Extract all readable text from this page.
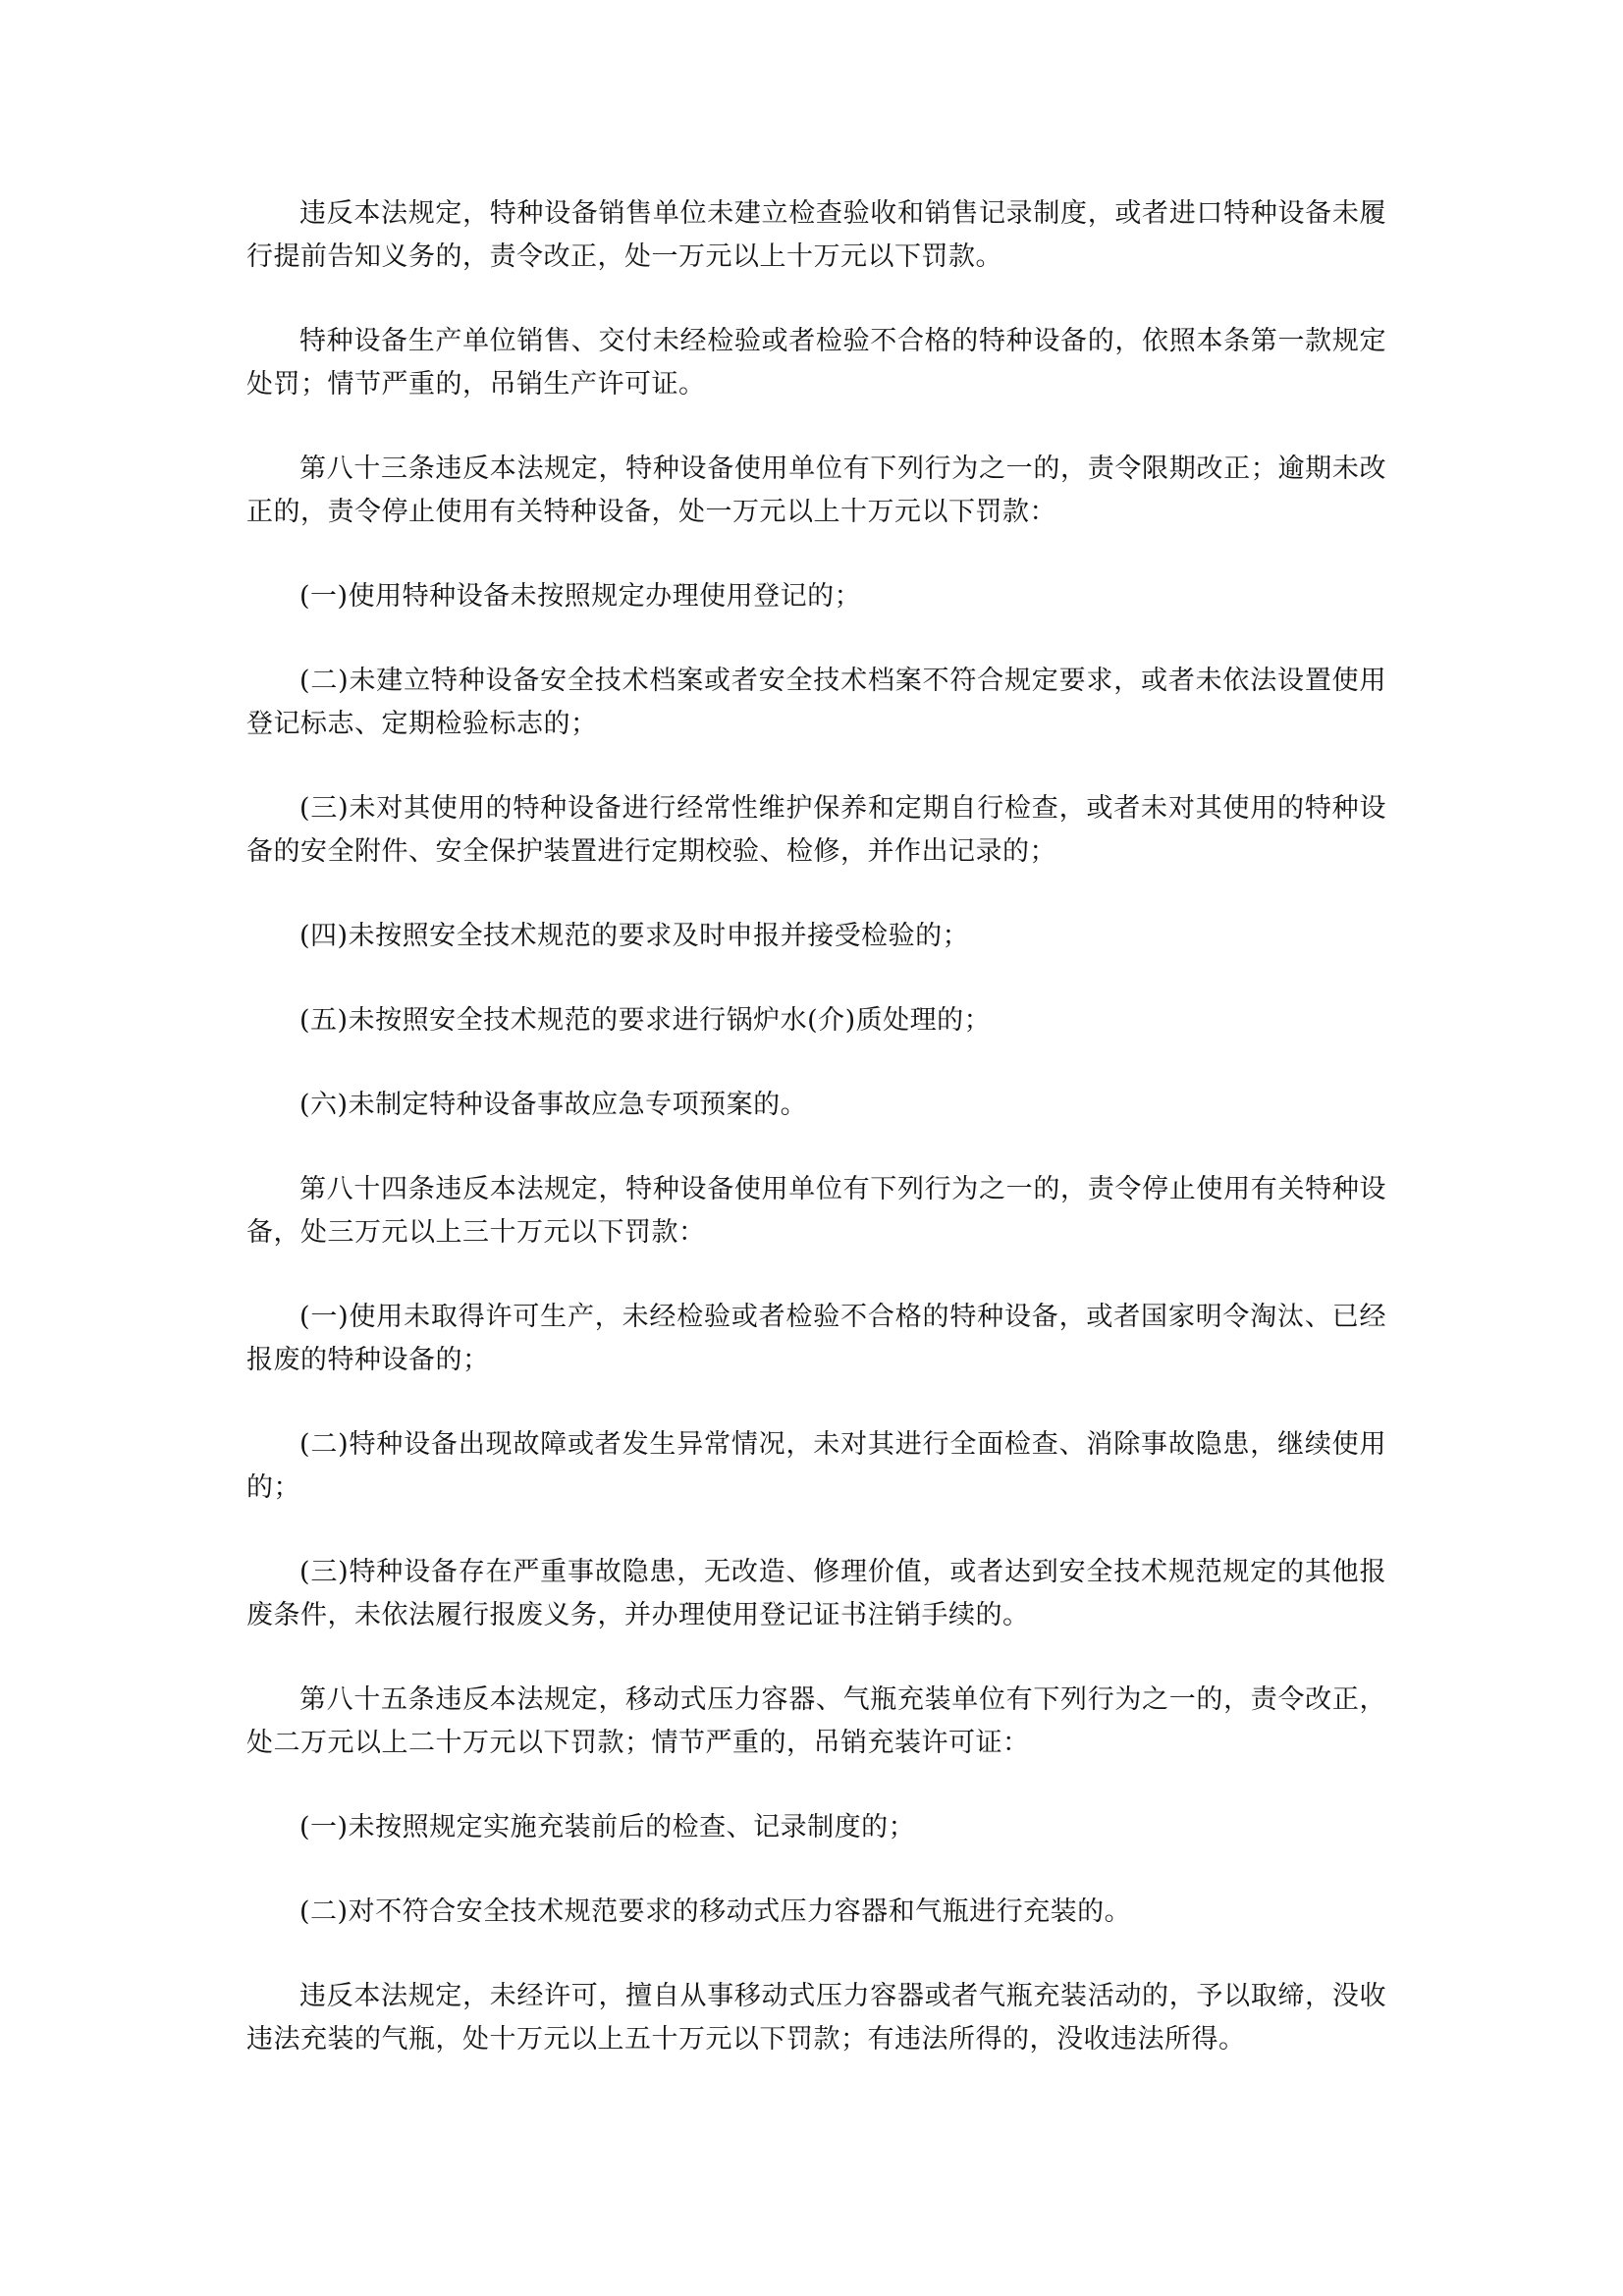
违反本法规定，特种设备销售单位未建立检查验收和销售记录制度，或者进口特种设备未履行提前告知义务的，责令改正，处一万元以上十万元以下罚款。

特种设备生产单位销售、交付未经检验或者检验不合格的特种设备的，依照本条第一款规定处罚；情节严重的，吊销生产许可证。

第八十三条违反本法规定，特种设备使用单位有下列行为之一的，责令限期改正；逾期未改正的，责令停止使用有关特种设备，处一万元以上十万元以下罚款：

(一)使用特种设备未按照规定办理使用登记的；

(二)未建立特种设备安全技术档案或者安全技术档案不符合规定要求，或者未依法设置使用登记标志、定期检验标志的；

(三)未对其使用的特种设备进行经常性维护保养和定期自行检查，或者未对其使用的特种设备的安全附件、安全保护装置进行定期校验、检修，并作出记录的；

(四)未按照安全技术规范的要求及时申报并接受检验的；

(五)未按照安全技术规范的要求进行锅炉水(介)质处理的；

(六)未制定特种设备事故应急专项预案的。

第八十四条违反本法规定，特种设备使用单位有下列行为之一的，责令停止使用有关特种设备，处三万元以上三十万元以下罚款：

(一)使用未取得许可生产，未经检验或者检验不合格的特种设备，或者国家明令淘汰、已经报废的特种设备的；

(二)特种设备出现故障或者发生异常情况，未对其进行全面检查、消除事故隐患，继续使用的；

(三)特种设备存在严重事故隐患，无改造、修理价值，或者达到安全技术规范规定的其他报废条件，未依法履行报废义务，并办理使用登记证书注销手续的。

第八十五条违反本法规定，移动式压力容器、气瓶充装单位有下列行为之一的，责令改正，处二万元以上二十万元以下罚款；情节严重的，吊销充装许可证：

(一)未按照规定实施充装前后的检查、记录制度的；

(二)对不符合安全技术规范要求的移动式压力容器和气瓶进行充装的。

违反本法规定，未经许可，擅自从事移动式压力容器或者气瓶充装活动的，予以取缔，没收违法充装的气瓶，处十万元以上五十万元以下罚款；有违法所得的，没收违法所得。
